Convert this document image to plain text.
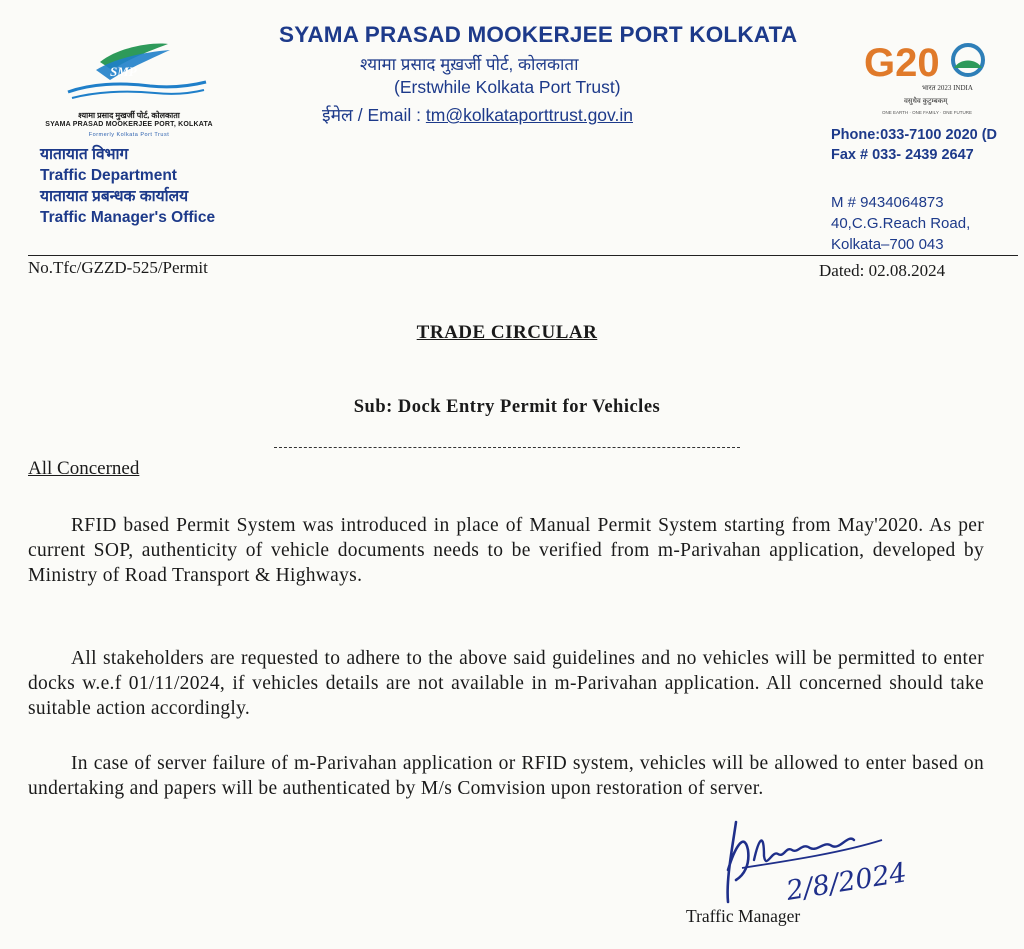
SMP
श्यामा प्रसाद मुखर्जी पोर्ट, कोलकाता
SYAMA PRASAD MOOKERJEE PORT, KOLKATA
Formerly Kolkata Port Trust
यातायात विभाग
Traffic Department
यातायात प्रबन्धक कार्यालय
Traffic Manager's Office
SYAMA PRASAD MOOKERJEE PORT KOLKATA
श्यामा प्रसाद मुख़र्जी पोर्ट, कोलकाता
(Erstwhile Kolkata Port Trust)
ईमेल / Email : tm@kolkataporttrust.gov.in
G20
भारत 2023 INDIA
वसुधैव कुटुम्बकम्
ONE EARTH · ONE FAMILY · ONE FUTURE
Phone:033-7100 2020 (D
Fax # 033- 2439 2647
M # 9434064873
40,C.G.Reach Road,
Kolkata–700 043
No.Tfc/GZZD-525/Permit	Dated: 02.08.2024
TRADE CIRCULAR
Sub: Dock Entry Permit for Vehicles
All Concerned
RFID based Permit System was introduced in place of Manual Permit System starting from May'2020. As per current SOP, authenticity of vehicle documents needs to be verified from m-Parivahan application, developed by Ministry of Road Transport & Highways.
All stakeholders are requested to adhere to the above said guidelines and no vehicles will be permitted to enter docks w.e.f 01/11/2024, if vehicles details are not available in m-Parivahan application. All concerned should take suitable action accordingly.
In case of server failure of m-Parivahan application or RFID system, vehicles will be allowed to enter based on undertaking and papers will be authenticated by M/s Comvision upon restoration of server.
2/8/2024
Traffic Manager
